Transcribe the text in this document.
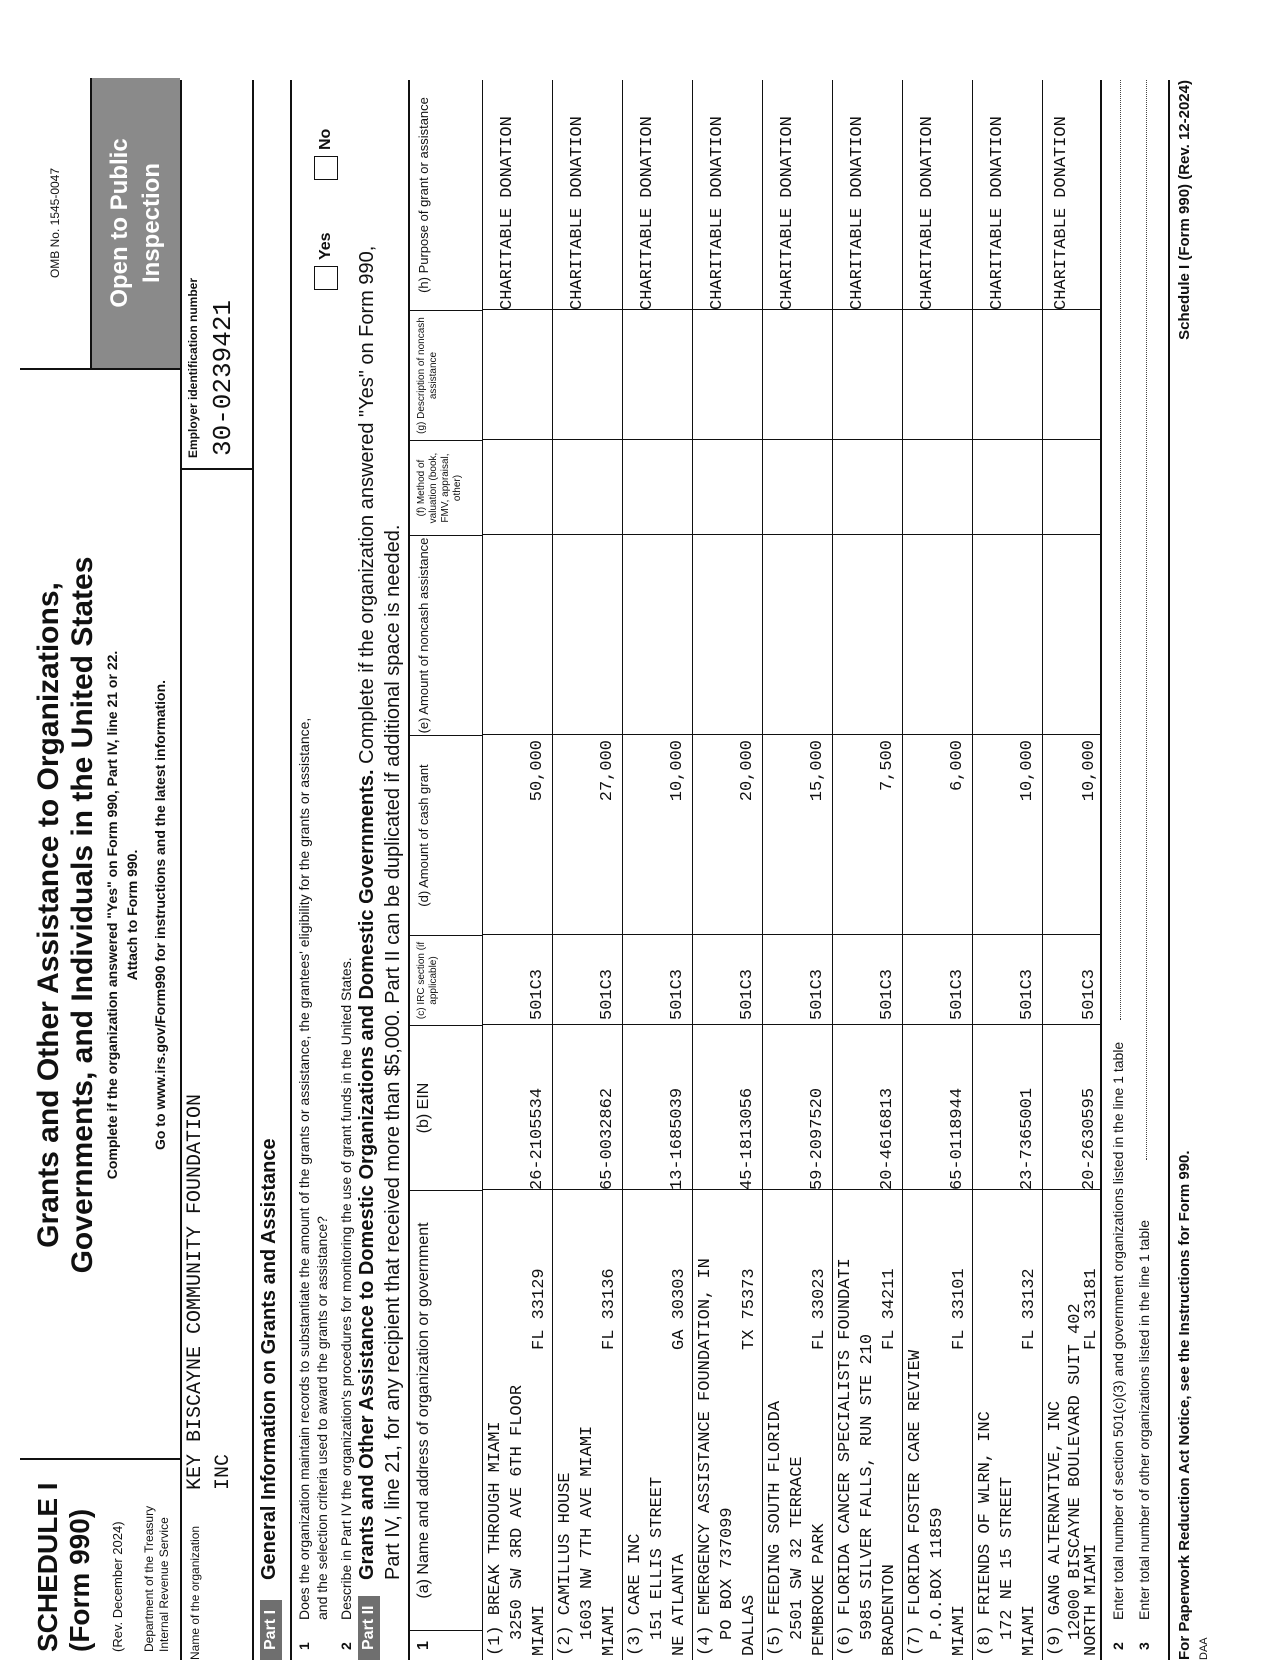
SCHEDULE I (Form 990) (Rev. December 2024) Department of the Treasury Internal Revenue Service
Grants and Other Assistance to Organizations, Governments, and Individuals in the United States Complete if the organization answered "Yes" on Form 990, Part IV, line 21 or 22. Attach to Form 990. Go to www.irs.gov/Form990 for instructions and the latest information.
OMB No. 1545-0047	Open to Public Inspection
Name of the organization
KEY BISCAYNE COMMUNITY FOUNDATION INC
Employer identification number 30-0239421
Part I
General Information on Grants and Assistance
1
Does the organization maintain records to substantiate the amount of the grants or assistance, the grantees' eligibility for the grants or assistance, and the selection criteria used to award the grants or assistance?
Yes
No
2
Describe in Part IV the organization's procedures for monitoring the use of grant funds in the United States.
Part II
Grants and Other Assistance to Domestic Organizations and Domestic Governments. Complete if the organization answered "Yes" on Form 990,
Part IV, line 21, for any recipient that received more than $5,000. Part II can be duplicated if additional space is needed.
1
(a) Name and address of organization or government
(b) EIN
(c) IRC section (if applicable)
(d) Amount of cash grant
(e) Amount of noncash assistance
(f) Method of valuation (book, FMV, appraisal, other)
(g) Description of noncash assistance
(h) Purpose of grant or assistance
(1) BREAK THROUGH MIAMI 3250 SW 3RD AVE 6TH FLOOR MIAMI
FL 33129
26-2105534
501C3
50,000
CHARITABLE DONATION
(2) CAMILLUS HOUSE 1603 NW 7TH AVE MIAMI MIAMI
FL 33136
65-0032862
501C3
27,000
CHARITABLE DONATION
(3) CARE INC 151 ELLIS STREET NE ATLANTA
GA 30303
13-1685039
501C3
10,000
CHARITABLE DONATION
(4) EMERGENCY ASSISTANCE FOUNDATION, IN PO BOX 737099 DALLAS
TX 75373
45-1813056
501C3
20,000
CHARITABLE DONATION
(5) FEEDING SOUTH FLORIDA 2501 SW 32 TERRACE PEMBROKE PARK
FL 33023
59-2097520
501C3
15,000
CHARITABLE DONATION
(6) FLORIDA CANCER SPECIALISTS FOUNDATI 5985 SILVER FALLS, RUN STE 210 BRADENTON
FL 34211
20-4616813
501C3
7,500
CHARITABLE DONATION
(7) FLORIDA FOSTER CARE REVIEW P.O.BOX 11859 MIAMI
FL 33101
65-0118944
501C3
6,000
CHARITABLE DONATION
(8) FRIENDS OF WLRN, INC 172 NE 15 STREET MIAMI
FL 33132
23-7365001
501C3
10,000
CHARITABLE DONATION
(9) GANG ALTERNATIVE, INC 12000 BISCAYNE BOULEVARD SUIT 402
NORTH MIAMI
FL 33181
20-2630595
501C3
10,000
CHARITABLE DONATION
2
Enter total number of section 501(c)(3) and government organizations listed in the line 1 table
3
Enter total number of other organizations listed in the line 1 table For Paperwork Reduction Act Notice, see the Instructions for Form 990. DAA
Schedule I (Form 990) (Rev. 12-2024)
